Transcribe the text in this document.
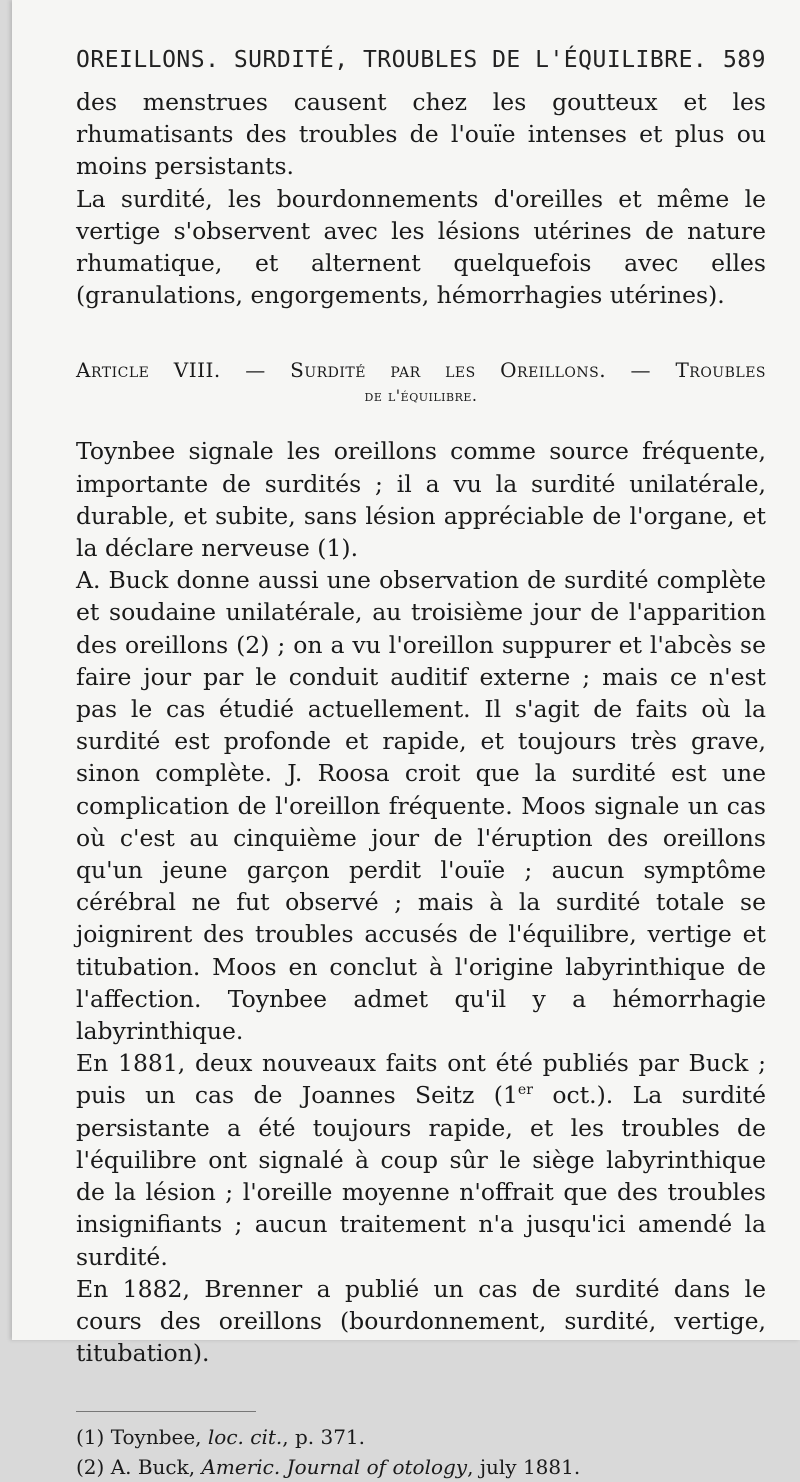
OREILLONS. SURDITÉ, TROUBLES DE L'ÉQUILIBRE. 589

des menstrues causent chez les goutteux et les rhumatisants des troubles de l'ouïe intenses et plus ou moins persistants.

La surdité, les bourdonnements d'oreilles et même le vertige s'observent avec les lésions utérines de nature rhumatique, et alternent quelquefois avec elles (granulations, engorgements, hémorrhagies utérines).

Article VIII. — Surdité par les Oreillons. — Troubles
de l'équilibre.

Toynbee signale les oreillons comme source fréquente, importante de surdités ; il a vu la surdité unilatérale, durable, et subite, sans lésion appréciable de l'organe, et la déclare nerveuse (1).

A. Buck donne aussi une observation de surdité complète et soudaine unilatérale, au troisième jour de l'apparition des oreillons (2) ; on a vu l'oreillon suppurer et l'abcès se faire jour par le conduit auditif externe ; mais ce n'est pas le cas étudié actuellement. Il s'agit de faits où la surdité est profonde et rapide, et toujours très grave, sinon complète. J. Roosa croit que la surdité est une complication de l'oreillon fréquente. Moos signale un cas où c'est au cinquième jour de l'éruption des oreillons qu'un jeune garçon perdit l'ouïe ; aucun symptôme cérébral ne fut observé ; mais à la surdité totale se joignirent des troubles accusés de l'équilibre, vertige et titubation. Moos en conclut à l'origine labyrinthique de l'affection. Toynbee admet qu'il y a hémorrhagie labyrinthique.

En 1881, deux nouveaux faits ont été publiés par Buck ; puis un cas de Joannes Seitz (1er oct.). La surdité persistante a été toujours rapide, et les troubles de l'équilibre ont signalé à coup sûr le siège labyrinthique de la lésion ; l'oreille moyenne n'offrait que des troubles insignifiants ; aucun traitement n'a jusqu'ici amendé la surdité.

En 1882, Brenner a publié un cas de surdité dans le cours des oreillons (bourdonnement, surdité, vertige, titubation).

(1) Toynbee, loc. cit., p. 371.

(2) A. Buck, Americ. Journal of otology, july 1881.
